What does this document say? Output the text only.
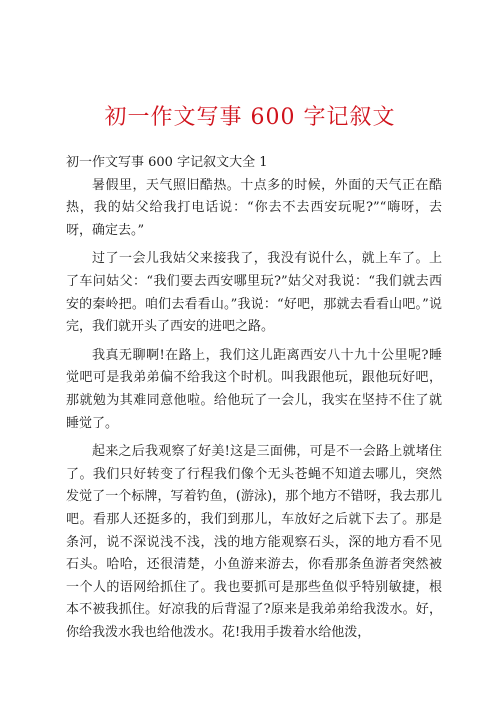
初一作文写事 600 字记叙文

初一作文写事 600 字记叙文大全 1

暑假里，天气照旧酷热。十点多的时候，外面的天气正在酷热，我的姑父给我打电话说：“你去不去西安玩呢?”“嗨呀，去呀，确定去。”

过了一会儿我姑父来接我了，我没有说什么，就上车了。上了车问姑父：“我们要去西安哪里玩?”姑父对我说：“我们就去西安的秦岭把。咱们去看看山。”我说：“好吧，那就去看看山吧。”说完，我们就开头了西安的进吧之路。

我真无聊啊!在路上，我们这儿距离西安八十九十公里呢?睡觉吧可是我弟弟偏不给我这个时机。叫我跟他玩，跟他玩好吧，那就勉为其难同意他啦。给他玩了一会儿，我实在坚持不住了就睡觉了。

起来之后我观察了好美!这是三面佛，可是不一会路上就堵住了。我们只好转变了行程我们像个无头苍蝇不知道去哪儿，突然发觉了一个标牌，写着钓鱼，(游泳)，那个地方不错呀，我去那儿吧。看那人还挺多的，我们到那儿，车放好之后就下去了。那是条河，说不深说浅不浅，浅的地方能观察石头，深的地方看不见石头。哈哈，还很清楚，小鱼游来游去，你看那条鱼游者突然被一个人的语网给抓住了。我也要抓可是那些鱼似乎特别敏捷，根本不被我抓住。好凉我的后背湿了?原来是我弟弟给我泼水。好，你给我泼水我也给他泼水。花!我用手拨着水给他泼，
